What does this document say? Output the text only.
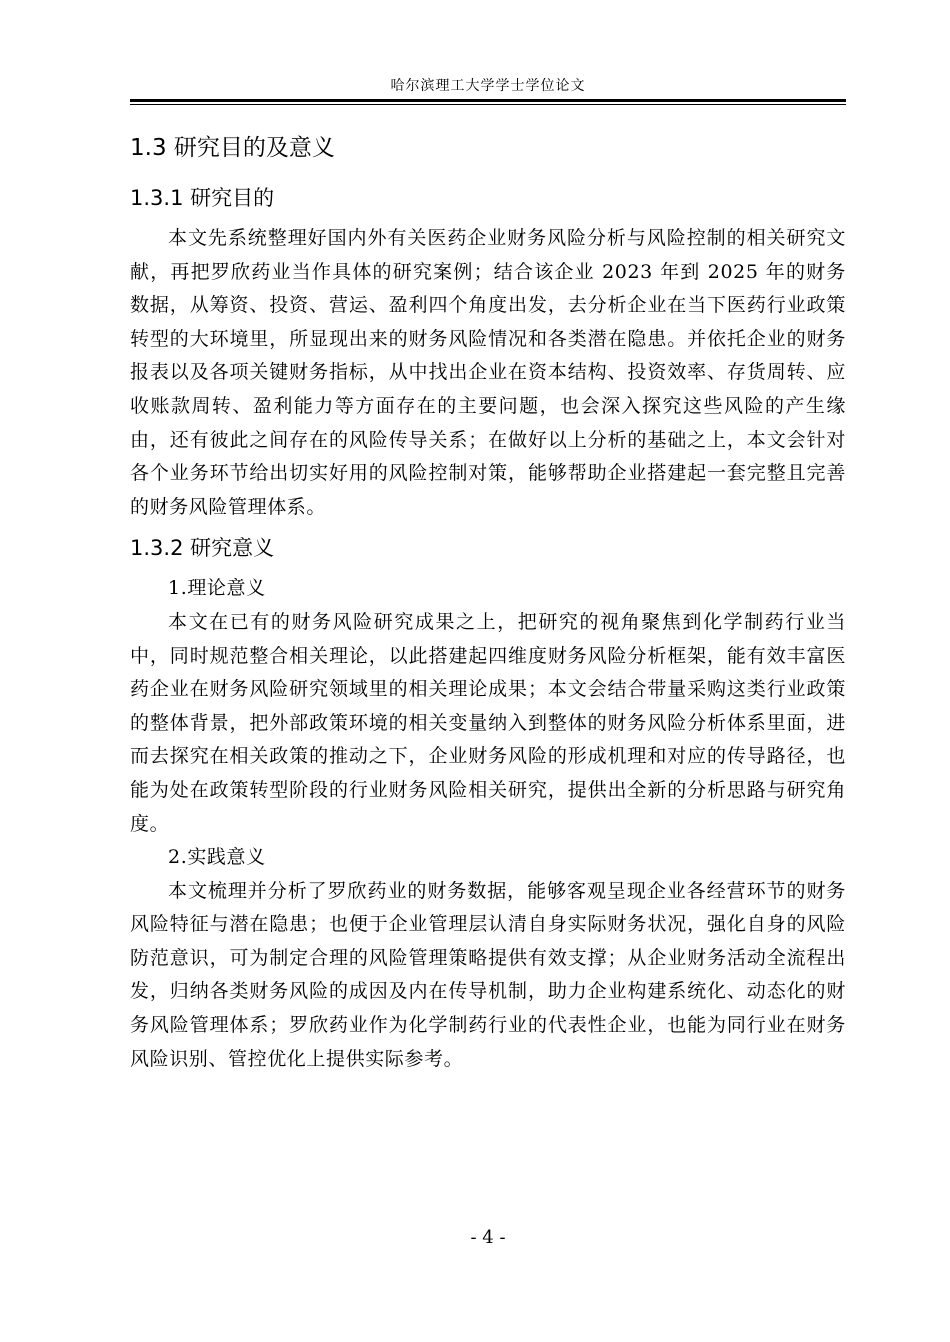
哈尔滨理工大学学士学位论文
1.3 研究目的及意义
1.3.1 研究目的

本文先系统整理好国内外有关医药企业财务风险分析与风险控制的相关研究文献，再把罗欣药业当作具体的研究案例；结合该企业 2023 年到 2025 年的财务数据，从筹资、投资、营运、盈利四个角度出发，去分析企业在当下医药行业政策转型的大环境里，所显现出来的财务风险情况和各类潜在隐患。并依托企业的财务报表以及各项关键财务指标，从中找出企业在资本结构、投资效率、存货周转、应收账款周转、盈利能力等方面存在的主要问题，也会深入探究这些风险的产生缘由，还有彼此之间存在的风险传导关系；在做好以上分析的基础之上，本文会针对各个业务环节给出切实好用的风险控制对策，能够帮助企业搭建起一套完整且完善的财务风险管理体系。

1.3.2 研究意义

1.理论意义

本文在已有的财务风险研究成果之上，把研究的视角聚焦到化学制药行业当中，同时规范整合相关理论，以此搭建起四维度财务风险分析框架，能有效丰富医药企业在财务风险研究领域里的相关理论成果；本文会结合带量采购这类行业政策的整体背景，把外部政策环境的相关变量纳入到整体的财务风险分析体系里面，进而去探究在相关政策的推动之下，企业财务风险的形成机理和对应的传导路径，也能为处在政策转型阶段的行业财务风险相关研究，提供出全新的分析思路与研究角度。

2.实践意义

本文梳理并分析了罗欣药业的财务数据，能够客观呈现企业各经营环节的财务风险特征与潜在隐患；也便于企业管理层认清自身实际财务状况，强化自身的风险防范意识，可为制定合理的风险管理策略提供有效支撑；从企业财务活动全流程出发，归纳各类财务风险的成因及内在传导机制，助力企业构建系统化、动态化的财务风险管理体系；罗欣药业作为化学制药行业的代表性企业，也能为同行业在财务风险识别、管控优化上提供实际参考。

- 4 -
